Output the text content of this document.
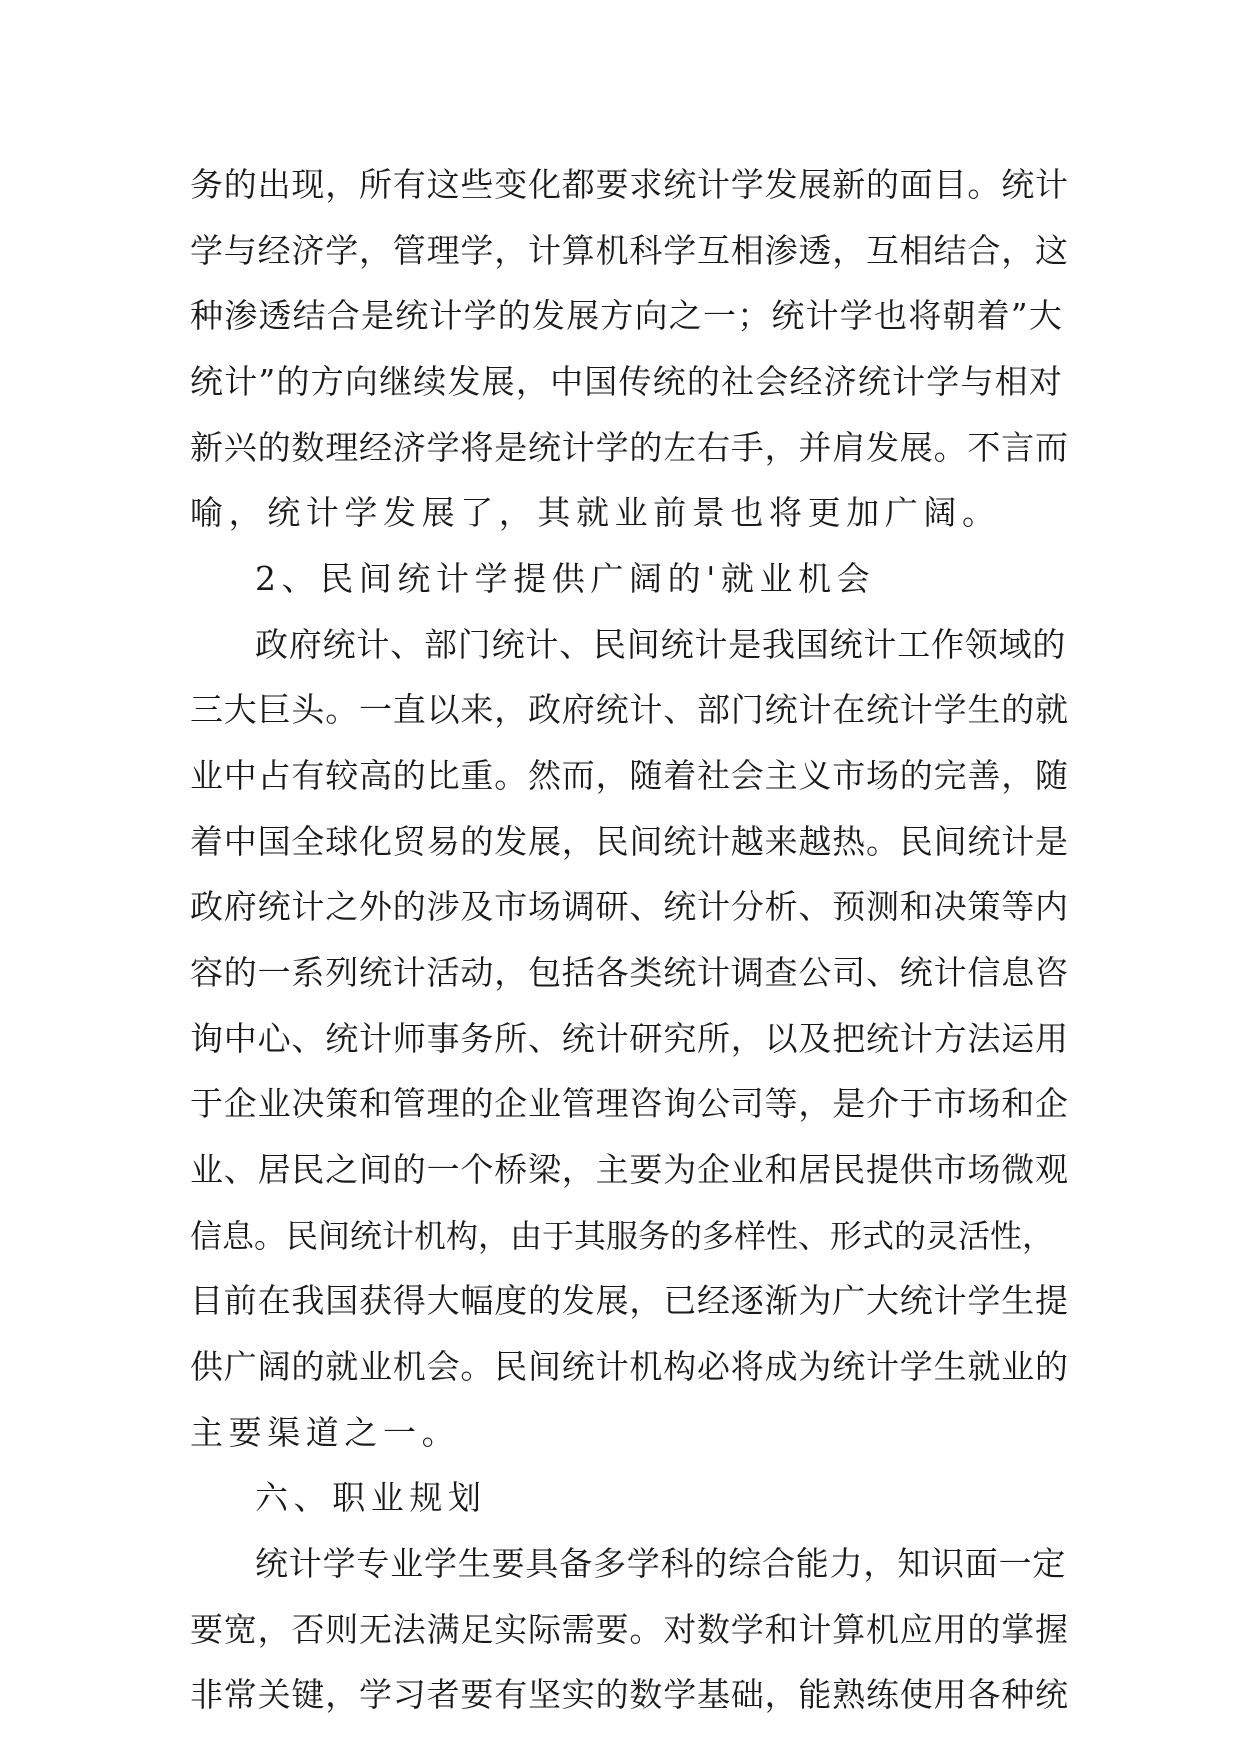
务的出现，所有这些变化都要求统计学发展新的面目。统计
学与经济学，管理学，计算机科学互相渗透，互相结合，这
种渗透结合是统计学的发展方向之一；统计学也将朝着”大
统计”的方向继续发展，中国传统的社会经济统计学与相对
新兴的数理经济学将是统计学的左右手，并肩发展。不言而
喻，统计学发展了，其就业前景也将更加广阔。
2、民间统计学提供广阔的'就业机会
政府统计、部门统计、民间统计是我国统计工作领域的
三大巨头。一直以来，政府统计、部门统计在统计学生的就
业中占有较高的比重。然而，随着社会主义市场的完善，随
着中国全球化贸易的发展，民间统计越来越热。民间统计是
政府统计之外的涉及市场调研、统计分析、预测和决策等内
容的一系列统计活动，包括各类统计调查公司、统计信息咨
询中心、统计师事务所、统计研究所，以及把统计方法运用
于企业决策和管理的企业管理咨询公司等，是介于市场和企
业、居民之间的一个桥梁，主要为企业和居民提供市场微观
信息。民间统计机构，由于其服务的多样性、形式的灵活性，
目前在我国获得大幅度的发展，已经逐渐为广大统计学生提
供广阔的就业机会。民间统计机构必将成为统计学生就业的
主要渠道之一。
六、职业规划
统计学专业学生要具备多学科的综合能力，知识面一定
要宽，否则无法满足实际需要。对数学和计算机应用的掌握
非常关键，学习者要有坚实的数学基础，能熟练使用各种统
